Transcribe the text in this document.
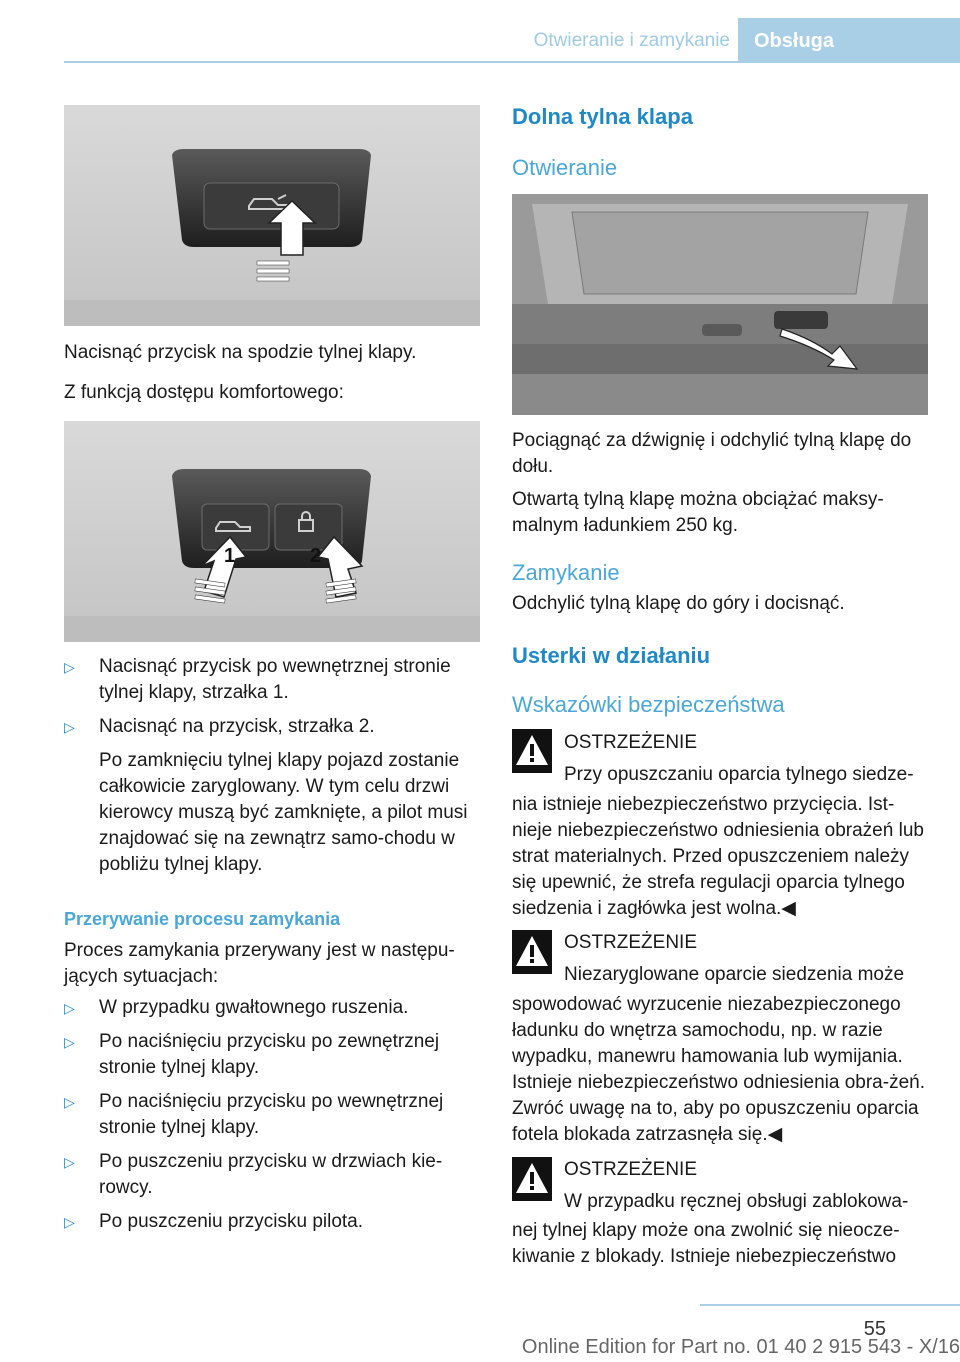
Otwieranie i zamykanie	Obsługa

Nacisnąć przycisk na spodzie tylnej klapy.

Z funkcją dostępu komfortowego:

1	2
▷ Nacisnąć przycisk po wewnętrznej stronie tylnej klapy, strzałka 1.

▷ Nacisnąć na przycisk, strzałka 2.

Po zamknięciu tylnej klapy pojazd zostanie całkowicie zaryglowany. W tym celu drzwi kierowcy muszą być zamknięte, a pilot musi znajdować się na zewnątrz samo‐chodu w pobliżu tylnej klapy.

Przerywanie procesu zamykania

Proces zamykania przerywany jest w następu‐jących sytuacjach:

▷ W przypadku gwałtownego ruszenia.

▷ Po naciśnięciu przycisku po zewnętrznej stronie tylnej klapy.

▷ Po naciśnięciu przycisku po wewnętrznej stronie tylnej klapy.

▷ Po puszczeniu przycisku w drzwiach kie‐rowcy.

▷ Po puszczeniu przycisku pilota.

Dolna tylna klapa
Otwieranie

Pociągnąć za dźwignię i odchylić tylną klapę do dołu.

Otwartą tylną klapę można obciążać maksy‐malnym ładunkiem 250 kg.

Zamykanie

Odchylić tylną klapę do góry i docisnąć.

Usterki w działaniu
Wskazówki bezpieczeństwa

OSTRZEŻENIE

Przy opuszczaniu oparcia tylnego siedze‐

nia istnieje niebezpieczeństwo przycięcia. Ist‐nieje niebezpieczeństwo odniesienia obrażeń lub strat materialnych. Przed opuszczeniem należy się upewnić, że strefa regulacji oparcia tylnego siedzenia i zagłówka jest wolna.◀

OSTRZEŻENIE

Niezaryglowane oparcie siedzenia może

spowodować wyrzucenie niezabezpieczonego ładunku do wnętrza samochodu, np. w razie wypadku, manewru hamowania lub wymijania. Istnieje niebezpieczeństwo odniesienia obra‐żeń. Zwróć uwagę na to, aby po opuszczeniu oparcia fotela blokada zatrzasnęła się.◀

OSTRZEŻENIE

W przypadku ręcznej obsługi zablokowa‐

nej tylnej klapy może ona zwolnić się nieocze‐kiwanie z blokady. Istnieje niebezpieczeństwo

55
Online Edition for Part no. 01 40 2 915 543 - X/16
